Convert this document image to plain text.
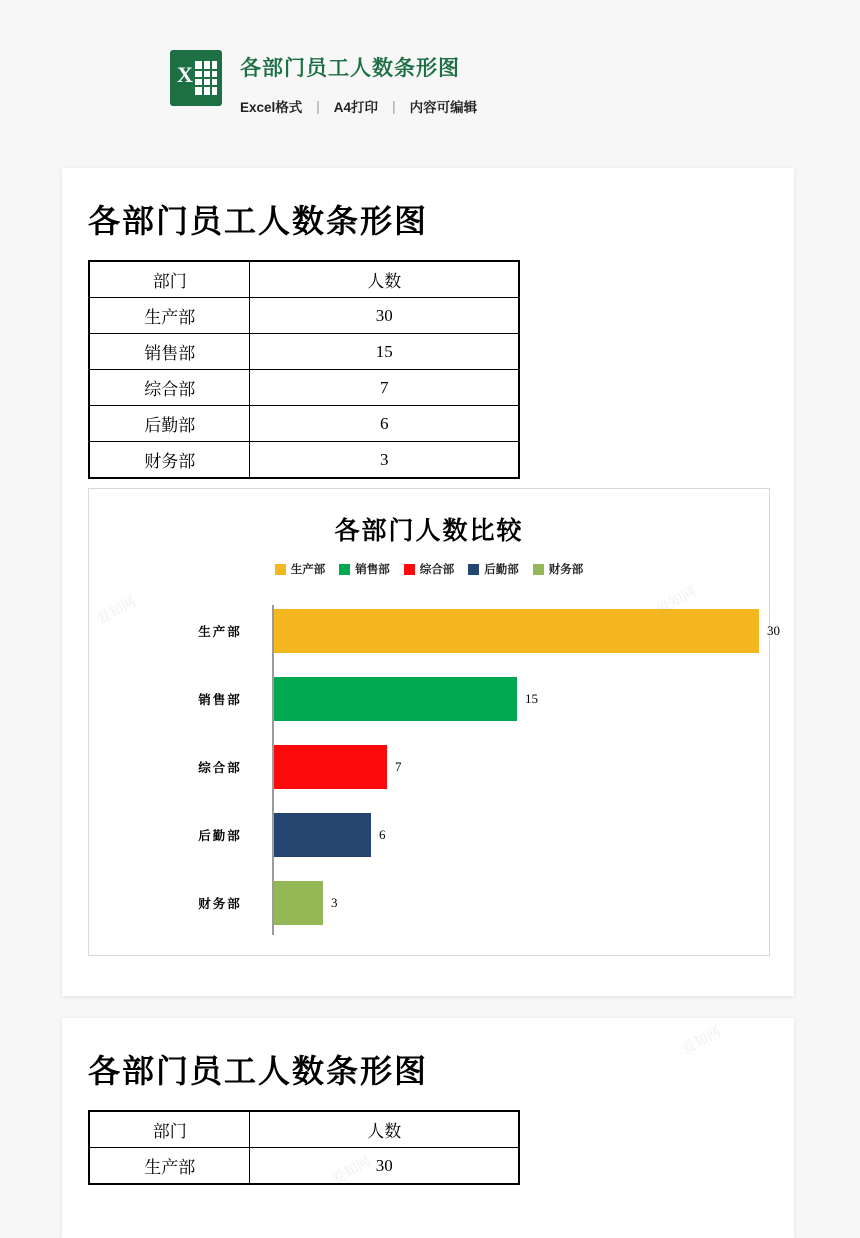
X 各部门员工人数条形图
Excel格式 | A4打印 | 内容可编辑
各部门员工人数条形图
部门	人数
生产部	30
销售部	15
综合部	7
后勤部	6
财务部	3
各部门人数比较
生产部	销售部	综合部	后勤部	财务部
生产部	30
销售部	15
综合部	7
后勤部	6
财务部	3
各部门员工人数条形图
部门	人数
生产部	30
